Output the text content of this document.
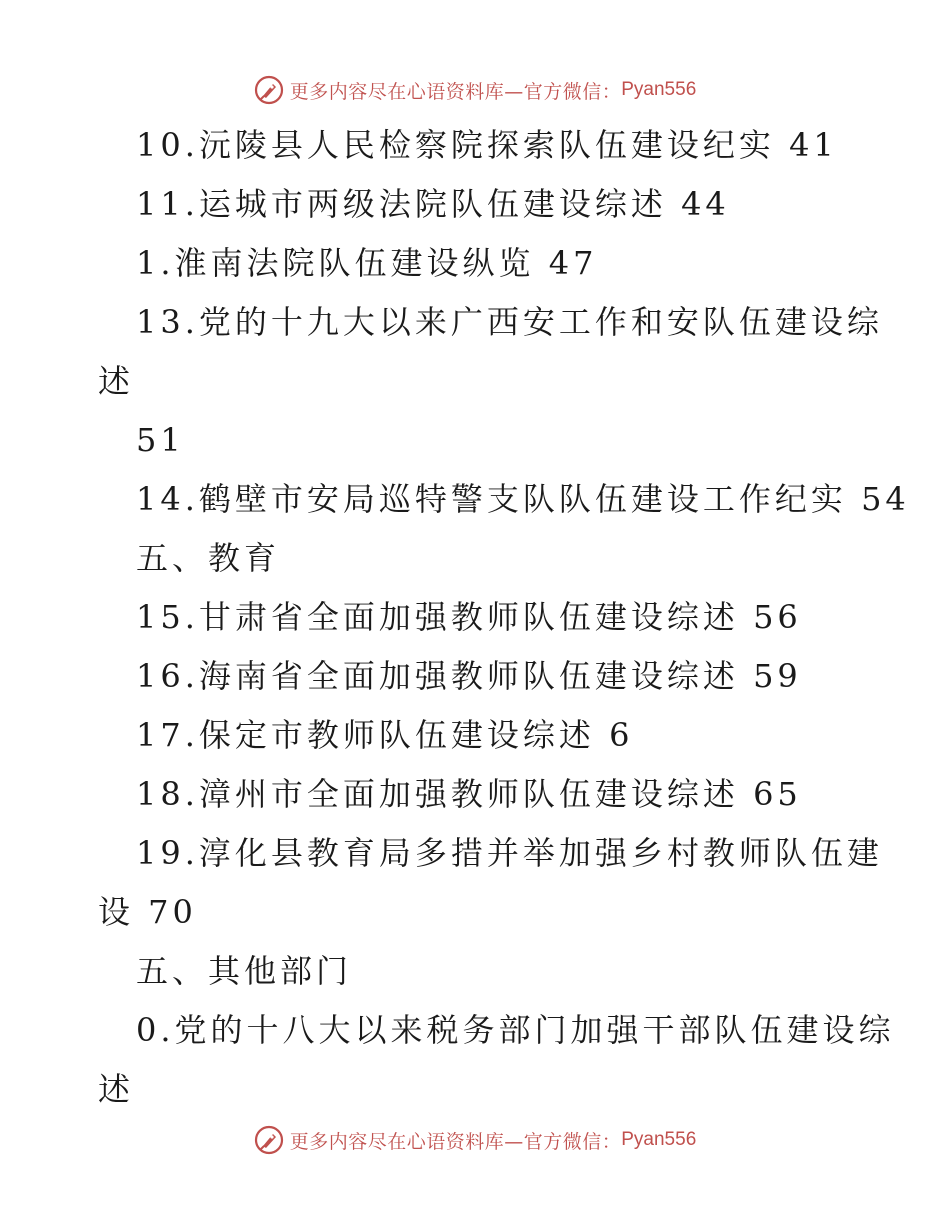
更多内容尽在心语资料库—官方微信： Pyan556
10.沅陵县人民检察院探索队伍建设纪实 41
11.运城市两级法院队伍建设综述 44
1.淮南法院队伍建设纵览 47
13.党的十九大以来广西安工作和安队伍建设综
述
51
14.鹤壁市安局巡特警支队队伍建设工作纪实 54
五、教育
15.甘肃省全面加强教师队伍建设综述 56
16.海南省全面加强教师队伍建设综述 59
17.保定市教师队伍建设综述 6
18.漳州市全面加强教师队伍建设综述 65
19.淳化县教育局多措并举加强乡村教师队伍建
设 70
五、其他部门
0.党的十八大以来税务部门加强干部队伍建设综
述
更多内容尽在心语资料库—官方微信： Pyan556
